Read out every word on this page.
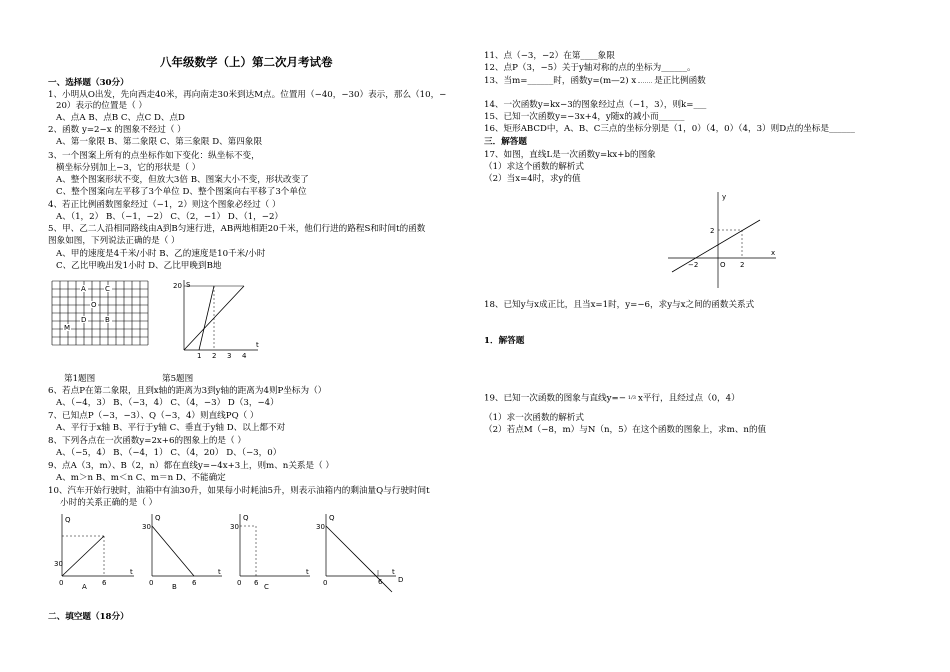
八年级数学（上）第二次月考试卷
一、选择题（30分）
1、小明从O出发，先向西走40米，再向南走30米到达M点。位置用（−40，−30）表示，那么（10，−
20）表示的位置是（ ）
A、点A B、点B C、点C D、点D
2、函数 y=2−x 的图象不经过（ ）
A、第一象限 B、第二象限 C、第三象限 D、第四象限
3、一个图案上所有的点坐标作如下变化：纵坐标不变，
横坐标分别加上−3，它的形状是（ ）
A、整个图案形状不变，但放大3倍 B、图案大小不变，形状改变了
C、整个图案向左平移了3个单位 D、整个图案向右平移了3个单位
4、若正比例函数图象经过（−1，2）则这个图象必经过（ ）
A、（1，2） B、（−1，−2） C、（2，−1） D、（1，−2）
5、甲、乙二人沿相同路线由A到B匀速行进，AB两地相距20千米，他们行进的路程S和时间t的函数
图象如图，下列说法正确的是（ ）
A、甲的速度是4千米/小时 B、乙的速度是10千米/小时
C、乙比甲晚出发1小时 D、乙比甲晚到B地
A	C
O
D	B
M
S
t
20
1 2 3 4
第1题图	第5题图
6、若点P在第二象限，且到x轴的距离为3到y轴的距离为4则P坐标为（）
A、（−4，3） B、（−3，4） C、（4，−3） D（3，−4）
7、已知点P（−3，−3）、Q（−3，4）则直线PQ（ ）
A、平行于x轴 B、平行于y轴 C、垂直于y轴 D、以上都不对
8、下列各点在一次函数y=2x+6的图象上的是（ ）
A、（−5，4） B、（−4，1） C、（4，20） D、（−3，0）
9、点A（3，m）、B（2，n）都在直线y=−4x+3上，则m、n关系是（ ）
A、m＞n B、m＜n C、m＝n D、不能确定
10、汽车开始行驶时，油箱中有油30升，如果每小时耗油5升，则表示油箱内的剩油量Q与行驶时间t
小时的关系正确的是（ ）
Q
t
30
0	6
A
Q
t
30
0	6
B
Q
t
30
0 6 C
Q
t
30
0	6 D
二、填空题（18分）
11、点（−3，−2）在第____象限
12、点P（3，−5）关于y轴对称的点的坐标为______。
13、当m=______时，函数y=(m—2) x 是正比例函数
14、一次函数y=kx−3的图象经过点（−1，3），则k=___
15、已知一次函数y=−3x+4，y随x的减小而______
16、矩形ABCD中，A、B、C三点的坐标分别是（1，0）（4，0）（4，3）则D点的坐标是______
三．解答题
17、如图，直线L是一次函数y=kx+b的图象
（1）求这个函数的解析式
（2）当x=4时，求y的值
y
x
2
−2	O 2
18、已知y与x成正比，且当x=1时，y=−6，求y与x之间的函数关系式
1．解答题
19、已知一次函数的图象与直线y=− 1/3 x平行，且经过点（0，4）
（1）求一次函数的解析式
（2）若点M（−8，m）与N（n，5）在这个函数的图象上，求m、n的值
